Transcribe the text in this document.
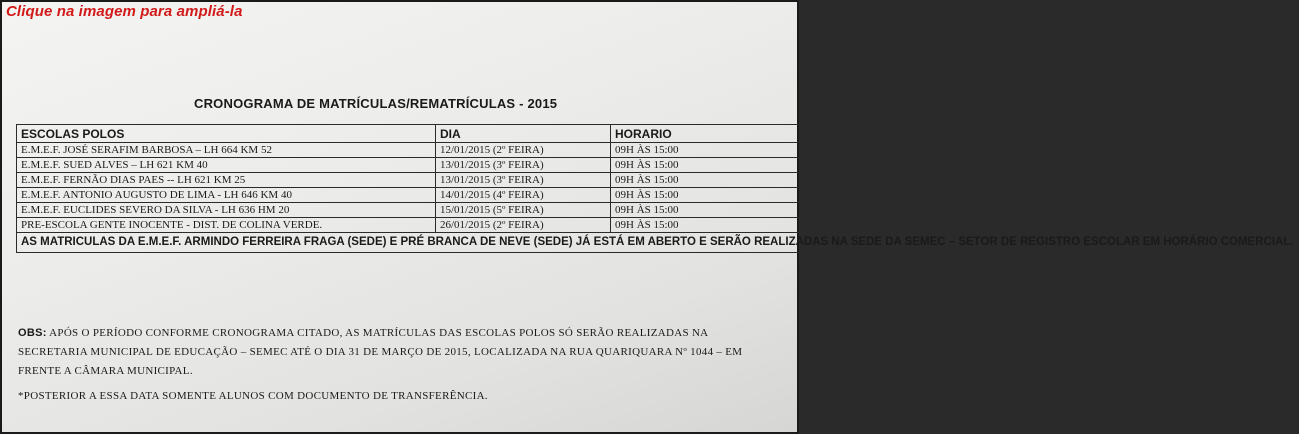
Clique na imagem para ampliá-la
CRONOGRAMA DE MATRÍCULAS/REMATRÍCULAS - 2015
ESCOLAS POLOS	DIA	HORARIO
E.M.E.F. JOSÉ SERAFIM BARBOSA – LH 664 KM 52	12/01/2015 (2º FEIRA)	09H ÀS 15:00
E.M.E.F. SUED ALVES – LH 621 KM 40	13/01/2015 (3º FEIRA)	09H ÀS 15:00
E.M.E.F. FERNÃO DIAS PAES -- LH 621 KM 25	13/01/2015 (3º FEIRA)	09H ÀS 15:00
E.M.E.F. ANTONIO AUGUSTO DE LIMA - LH 646 KM 40	14/01/2015 (4º FEIRA)	09H ÀS 15:00
E.M.E.F. EUCLIDES SEVERO DA SILVA - LH 636 HM 20	15/01/2015 (5º FEIRA)	09H ÀS 15:00
PRE-ESCOLA GENTE INOCENTE - DIST. DE COLINA VERDE.	26/01/2015 (2º FEIRA)	09H ÀS 15:00
AS MATRICULAS DA E.M.E.F. ARMINDO FERREIRA FRAGA (SEDE) E PRÉ BRANCA DE NEVE (SEDE) JÁ ESTÁ EM ABERTO E SERÃO REALIZADAS NA SEDE DA SEMEC – SETOR DE REGISTRO ESCOLAR EM HORÁRIO COMERCIAL.		
OBS: APÓS O PERÍODO CONFORME CRONOGRAMA CITADO, AS MATRÍCULAS DAS ESCOLAS POLOS SÓ SERÃO REALIZADAS NA SECRETARIA MUNICIPAL DE EDUCAÇÃO – SEMEC ATÉ O DIA 31 DE MARÇO DE 2015, LOCALIZADA NA RUA QUARIQUARA Nº 1044 – EM FRENTE A CÂMARA MUNICIPAL.
*POSTERIOR A ESSA DATA SOMENTE ALUNOS COM DOCUMENTO DE TRANSFERÊNCIA.
